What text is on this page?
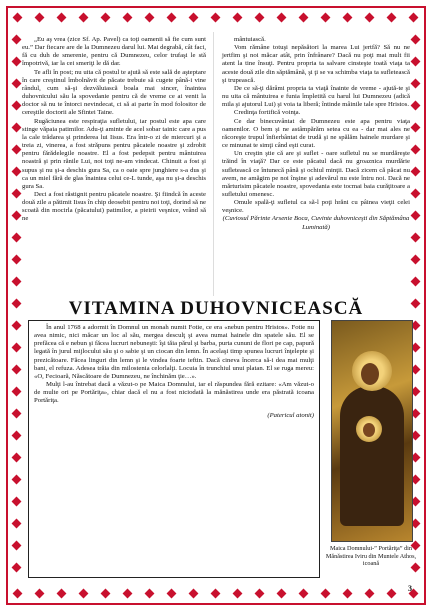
„Eu aş vrea (zice Sf. Ap. Pavel) ca toţi oamenii să fie cum sunt eu.” Dar fiecare are de la Dumnezeu darul lui. Mai degrabă, cât faci, fă cu duh de smerenie, pentru că Dumnezeu, celor trufaşi le stă împotrivă, iar la cei smeriţi le dă dar.

Te afli în post; nu uita că postul te ajută să este sală de aşteptare în care creştinul îmbolnăvit de păcate trebuie să cugete până-i vine rândul, cum să-şi dezvăluiască boala mai sincer, înaintea duhovnicului său la spovedanie pentru că de vreme ce ai venit la doctor să nu te întorci nevindecat, ci să ai parte în mod folositor de cereştile doctorii ale Sfintei Taine.

Rugăciunea este respiraţia sufletului, iar postul este apa care stinge văpaia patimilor. Adu-ţi aminte de acel sobar tainic care a pus la cale trădarea şi prinderea lui Iisus. Era într-o zi de miercuri şi a treia zi, vinerea, a fost străpuns pentru păcatele noastre şi zdrobit pentru fărădelegile noastre. El a fost pedepsit pentru mântuirea noastră şi prin rănile Lui, noi toţi ne-am vindecat. Chinuit a fost şi supus şi nu şi-a deschis gura Sa, ca o oaie spre junghiere s-a dus şi ca un miel fără de glas înaintea celui ce-L tunde, aşa nu şi-a deschis gura Sa.

Deci a fost răstignit pentru păcatele noastre. Şi fiindcă în aceste două zile a pătimit Iisus în chip deosebit pentru noi toţi, dorind să ne scoată din mocirla (păcatului) patimilor, a pieirii veşnice, vrând să ne

mântuiască.

Vom rămâne totuşi nepăsători la marea Lui jertfă? Să nu ne jertfim şi noi măcar atât, prin înfrânare? Dacă nu poţi mai mult fii atent la tine însuţi. Pentru propria ta salvare cinsteşte toată viaţa ta aceste două zile din săptămână, şi ţi se va schimba viaţa ta sufletească şi trupească.

De ce să-ţi dărâmi propria ta viaţă înainte de vreme - ajută-te şi nu uita că mântuirea e funia împletită cu harul lui Dumnezeu (adică mila şi ajutorul Lui) şi voia ta liberă; întinde mâinile tale spre Hristos.

Credinţa fortifică voinţa.

Ce dar binecuvântat de Dumnezeu este apa pentru viaţa oamenilor. O bem şi ne astâmpărăm setea cu ea - dar mai ales ne răcoreşte trupul înfierbântat de trudă şi ne spălăm hainele murdare şi ce minunat te simţi când eşti curat.

Un creştin ştie că are şi suflet - oare sufletul nu se murdăreşte trăind în viaţă? Dar ce este păcatul dacă nu groaznica murdărie sufletească ce întunecă până şi ochiul minţii. Dacă zicem că păcat nu avem, ne amăgim pe noi înşine şi adevărul nu este întru noi. Dacă ne mărturisim păcatele noastre, spovedania este tocmai baia curăţitoare a sufletului omenesc.

Omule spală-ţi sufletul ca să-l poţi hrăni cu pâinea vieţii celei veşnice.

(Cuviosul Părinte Arsenie Boca, Cuvinte duhovniceşti din Săptămâna Luminată)

VITAMINA DUHOVNICEASCĂ

În anul 1768 a adormit în Domnul un monah numit Fotie, ce era «nebun pentru Hristos». Fotie nu avea nimic, nici măcar un loc al său, mergea desculţ şi avea numai hainele din spatele său. El se prefăcea că e nebun şi făcea lucruri nebuneşti: îşi tăia părul şi barba, purta cununi de flori pe cap, papură legată în jurul mijlocului său şi o sabie şi un ciocan din lemn. În acelaşi timp spunea lucruri înţelepte şi prezicătoare. Făcea linguri din lemn şi le vindea foarte ieftin. Dacă cineva încerca să-i dea mai mulţi bani, el refuza. Adesea trăia din milostenia celorlalţi. Locuia în trunchiul unui platan. El se ruga mereu: «O, Fecioară, Născătoare de Dumnezeu, ne închinăm ţie…».

Mulţi l-au întrebat dacă a văzut-o pe Maica Domnului, iar el răspundea fără ezitare: «Am văzut-o de multe ori pe Portăriţa», chiar dacă el nu a fost niciodată la mănăstirea unde era păstrată icoana Portăriţa.

(Patericul atonit)

Maica Domnului-” Portăriţa” din Mănăstirea Iviru din Muntele Athos, icoană
3
